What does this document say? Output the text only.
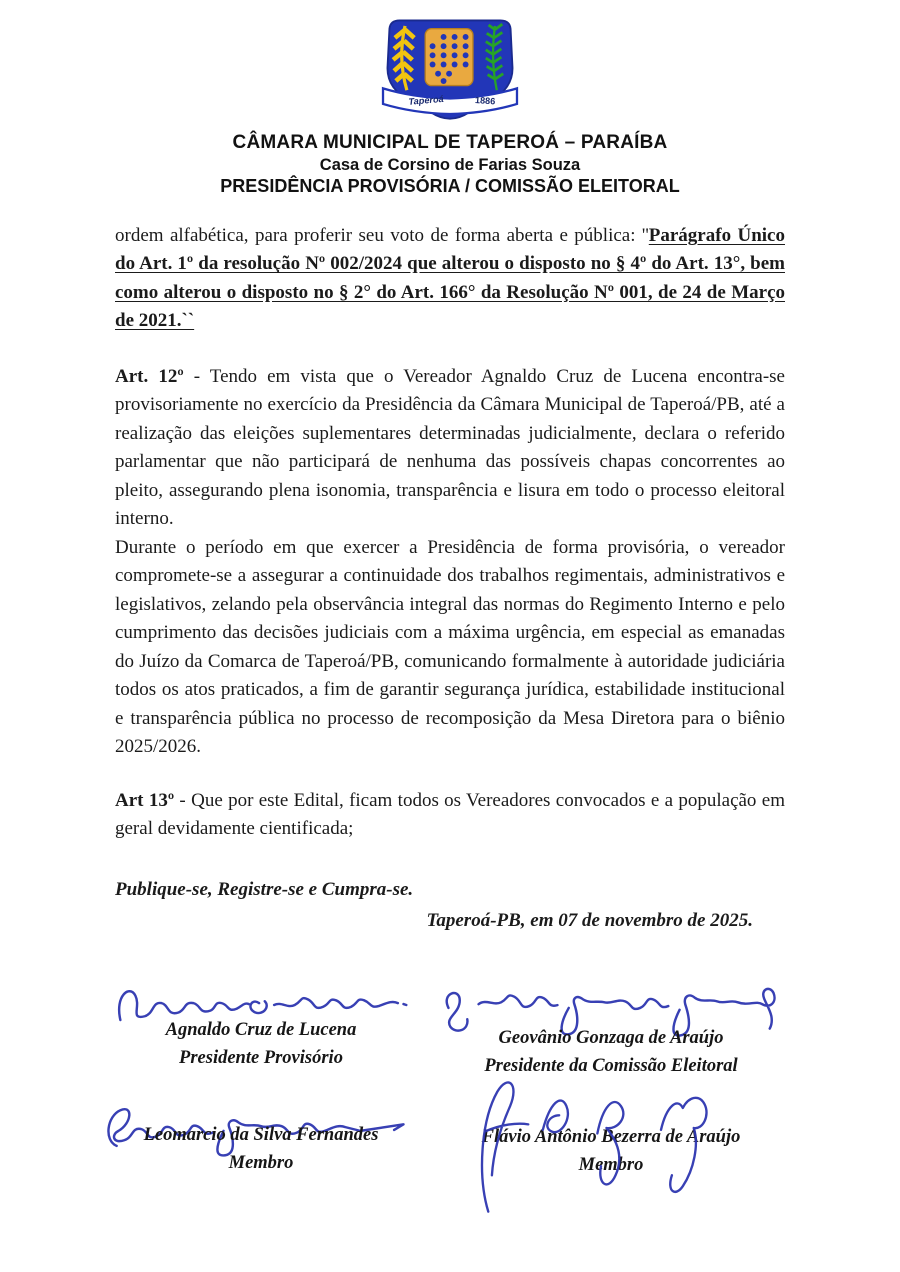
Taperoá	1886
CÂMARA MUNICIPAL DE TAPEROÁ – PARAÍBA
Casa de Corsino de Farias Souza
PRESIDÊNCIA PROVISÓRIA / COMISSÃO ELEITORAL

ordem alfabética, para proferir seu voto de forma aberta e pública: ''Parágrafo Único do Art. 1º da resolução Nº 002/2024 que alterou o disposto no § 4º do Art. 13°, bem como alterou o disposto no § 2° do Art. 166° da Resolução Nº 001, de 24 de Março de 2021.``

Art. 12º - Tendo em vista que o Vereador Agnaldo Cruz de Lucena encontra-se provisoriamente no exercício da Presidência da Câmara Municipal de Taperoá/PB, até a realização das eleições suplementares determinadas judicialmente, declara o referido parlamentar que não participará de nenhuma das possíveis chapas concorrentes ao pleito, assegurando plena isonomia, transparência e lisura em todo o processo eleitoral interno.

Durante o período em que exercer a Presidência de forma provisória, o vereador compromete-se a assegurar a continuidade dos trabalhos regimentais, administrativos e legislativos, zelando pela observância integral das normas do Regimento Interno e pelo cumprimento das decisões judiciais com a máxima urgência, em especial as emanadas do Juízo da Comarca de Taperoá/PB, comunicando formalmente à autoridade judiciária todos os atos praticados, a fim de garantir segurança jurídica, estabilidade institucional e transparência pública no processo de recomposição da Mesa Diretora para o biênio 2025/2026.

Art 13º - Que por este Edital, ficam todos os Vereadores convocados e a população em geral devidamente cientificada;

Publique-se, Registre-se e Cumpra-se.

Taperoá-PB, em 07 de novembro de 2025.

Agnaldo Cruz de Lucena
Presidente Provisório
Geovânio Gonzaga de Araújo
Presidente da Comissão Eleitoral
Leomarcio da Silva Fernandes
Membro
Flávio Antônio Bezerra de Araújo
Membro
